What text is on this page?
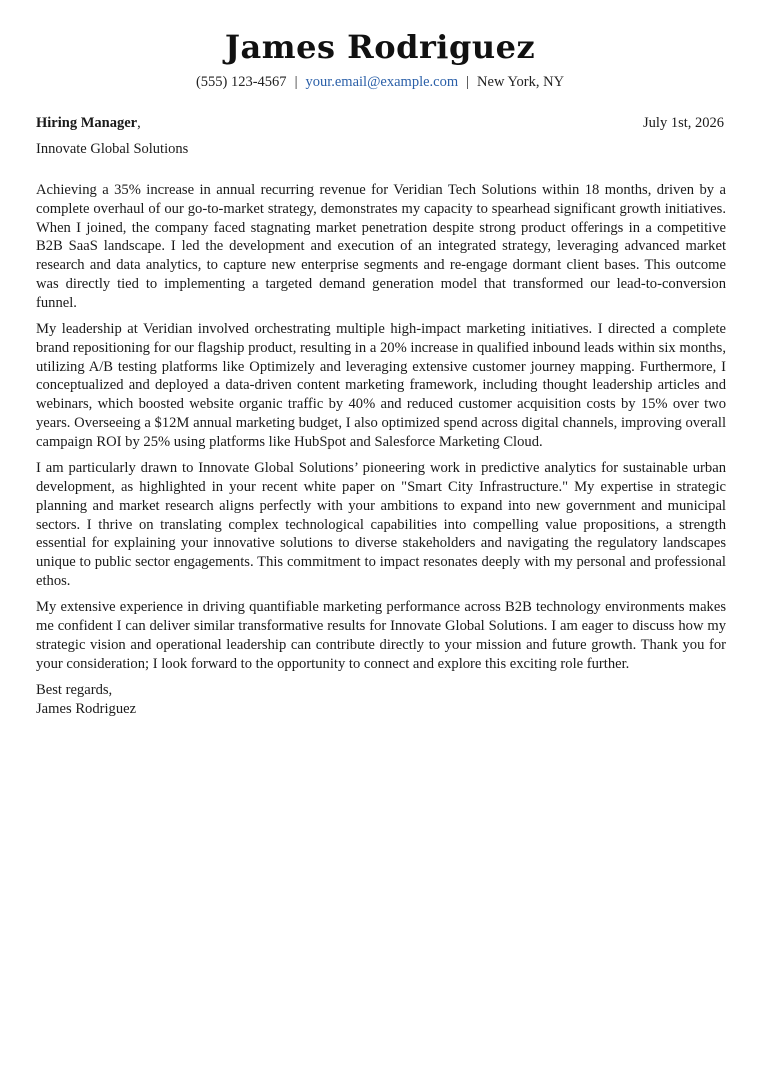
James Rodriguez
(555) 123-4567 | your.email@example.com | New York, NY
Hiring Manager,	July 1st, 2026
Innovate Global Solutions

Achieving a 35% increase in annual recurring revenue for Veridian Tech Solutions within 18 months, driven by a complete overhaul of our go-to-market strategy, demonstrates my capacity to spearhead significant growth initiatives. When I joined, the company faced stagnating market penetration despite strong product offerings in a competitive B2B SaaS landscape. I led the development and execution of an integrated strategy, leveraging advanced market research and data analytics, to capture new enterprise segments and re-engage dormant client bases. This outcome was directly tied to implementing a targeted demand generation model that transformed our lead-to-conversion funnel.

My leadership at Veridian involved orchestrating multiple high-impact marketing initiatives. I directed a complete brand repositioning for our flagship product, resulting in a 20% increase in qualified inbound leads within six months, utilizing A/B testing platforms like Optimizely and leveraging extensive customer journey mapping. Furthermore, I conceptualized and deployed a data-driven content marketing framework, including thought leadership articles and webinars, which boosted website organic traffic by 40% and reduced customer acquisition costs by 15% over two years. Overseeing a $12M annual marketing budget, I also optimized spend across digital channels, improving overall campaign ROI by 25% using platforms like HubSpot and Salesforce Marketing Cloud.

I am particularly drawn to Innovate Global Solutions’ pioneering work in predictive analytics for sustainable urban development, as highlighted in your recent white paper on "Smart City Infrastructure." My expertise in strategic planning and market research aligns perfectly with your ambitions to expand into new government and municipal sectors. I thrive on translating complex technological capabilities into compelling value propositions, a strength essential for explaining your innovative solutions to diverse stakeholders and navigating the regulatory landscapes unique to public sector engagements. This commitment to impact resonates deeply with my personal and professional ethos.

My extensive experience in driving quantifiable marketing performance across B2B technology environments makes me confident I can deliver similar transformative results for Innovate Global Solutions. I am eager to discuss how my strategic vision and operational leadership can contribute directly to your mission and future growth. Thank you for your consideration; I look forward to the opportunity to connect and explore this exciting role further.

Best regards,
James Rodriguez
